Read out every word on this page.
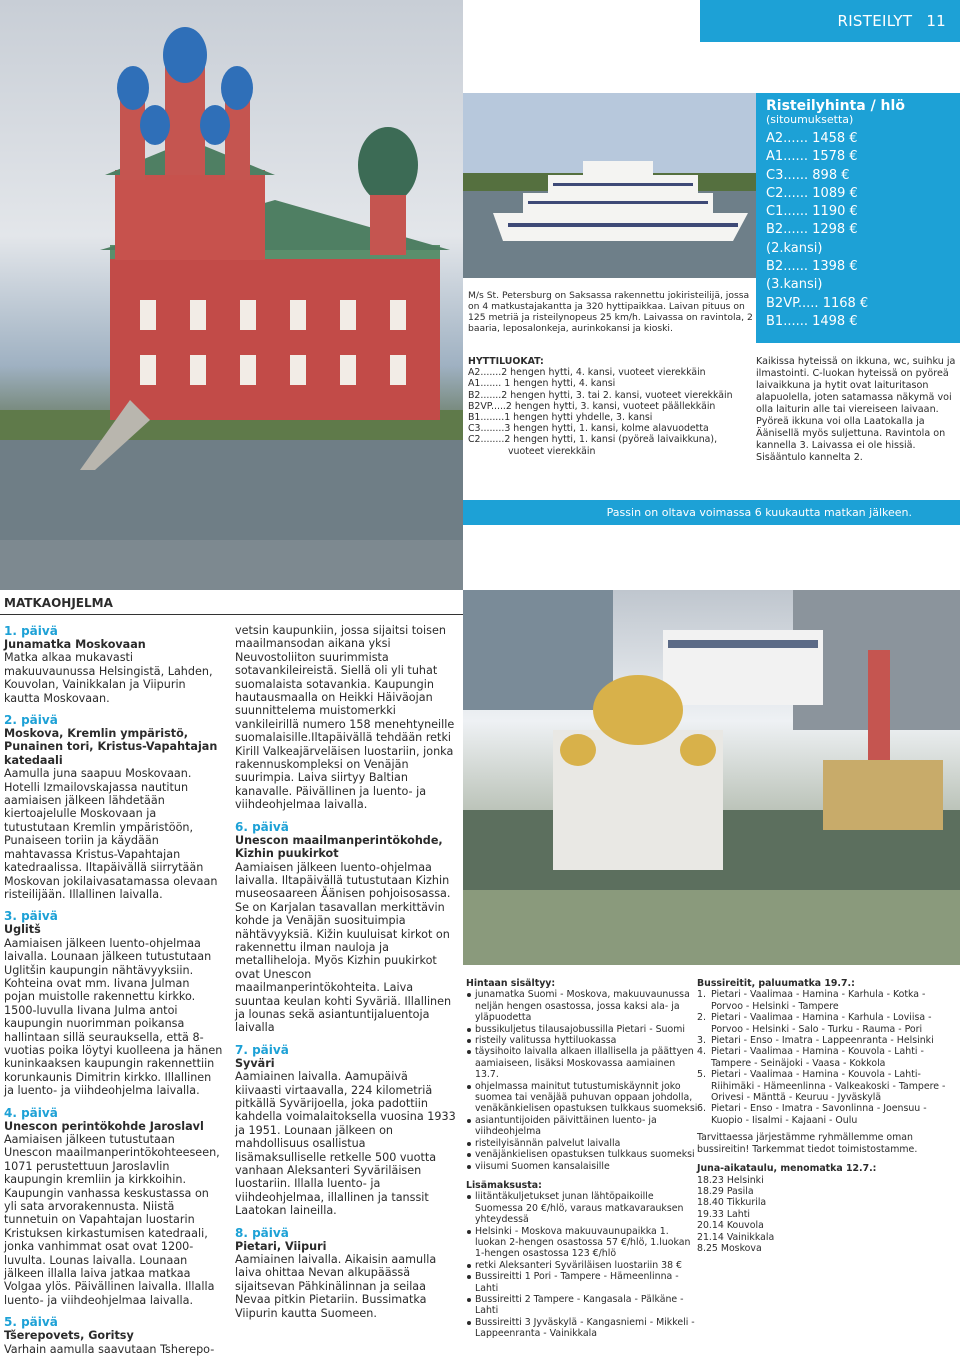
RISTEILYT 11
Risteilyhinta / hlö
(sitoumuksetta)
A2...... 1458 €
A1...... 1578 €
C3...... 898 €
C2...... 1089 €
C1...... 1190 €
B2...... 1298 €
(2.kansi)
B2...... 1398 €
(3.kansi)
B2VP..... 1168 €
B1...... 1498 €
M/s St. Petersburg on Saksassa rakennettu jokiristeilijä, jossa on 4 matkustajakantta ja 320 hyttipaikkaa. Laivan pituus on 125 metriä ja risteilynopeus 25 km/h. Laivassa on ravintola, 2 baaria, leposalonkeja, aurinkokansi ja kioski.
HYTTILUOKAT:
A2.......2 hengen hytti, 4. kansi, vuoteet vierekkäin
A1....... 1 hengen hytti, 4. kansi
B2.......2 hengen hytti, 3. tai 2. kansi, vuoteet vierekkäin
B2VP.....2 hengen hytti, 3. kansi, vuoteet päällekkäin
B1........1 hengen hytti yhdelle, 3. kansi
C3........3 hengen hytti, 1. kansi, kolme alavuodetta
C2........2 hengen hytti, 1. kansi (pyöreä laivaikkuna),
vuoteet vierekkäin
Kaikissa hyteissä on ikkuna, wc, suihku ja ilmastointi. C-luokan hyteissä on pyöreä laivaikkuna ja hytit ovat laituritason alapuolella, joten satamassa näkymä voi olla laiturin alle tai viereiseen laivaan. Pyöreä ikkuna voi olla Laatokalla ja Äänisellä myös suljettuna. Ravintola on kannella 3. Laivassa ei ole hissiä. Sisääntulo kannelta 2.
Passin on oltava voimassa 6 kuukautta matkan jälkeen.
MATKAOHJELMA
1. päivä
Junamatka Moskovaan
Matka alkaa mukavasti makuuvaunussa Helsingistä, Lahden, Kouvolan, Vainikkalan ja Viipurin kautta Moskovaan.
2. päivä
Moskova, Kremlin ympäristö, Punainen tori, Kristus-Vapahtajan katedaali
Aamulla juna saapuu Moskovaan. Hotelli Izmailovskajassa nautitun aamiaisen jälkeen lähdetään kiertoajelulle Moskovaan ja tutustutaan Kremlin ympäristöön, Punaiseen toriin ja käydään mahtavassa Kristus-Vapahtajan katedraalissa. Iltapäivällä siirrytään Moskovan jokilaivasatamassa olevaan risteilijään. Illallinen laivalla.
3. päivä
Uglitš
Aamiaisen jälkeen luento-ohjelmaa laivalla. Lounaan jälkeen tutustutaan Uglitšin kaupungin nähtävyyksiin. Kohteina ovat mm. Iivana Julman pojan muistolle rakennettu kirkko. 1500-luvulla Iivana Julma antoi kaupungin nuorimman poikansa hallintaan sillä seurauksella, että 8-vuotias poika löytyi kuolleena ja hänen kuninkaaksen kaupungin rakennettiin korunkaunis Dimitrin kirkko. Illallinen ja luento- ja viihdeohjelma laivalla.
4. päivä
Unescon perintökohde Jaroslavl
Aamiaisen jälkeen tutustutaan Unescon maailmanperintökohteeseen, 1071 perustettuun Jaroslavlin kaupungin kremliin ja kirkkoihin. Kaupungin vanhassa keskustassa on yli sata arvorakennusta. Niistä tunnetuin on Vapahtajan luostarin Kristuksen kirkastumisen katedraali, jonka vanhimmat osat ovat 1200-luvulta. Lounas laivalla. Lounaan jälkeen illalla laiva jatkaa matkaa Volgaa ylös. Päivällinen laivalla. Illalla luento- ja viihdeohjelmaa laivalla.
5. päivä
Tšerepovets, Goritsy
Varhain aamulla saavutaan Tsherepo-
vetsin kaupunkiin, jossa sijaitsi toisen maailmansodan aikana yksi Neuvostoliiton suurimmista sotavankileireistä. Siellä oli yli tuhat suomalaista sotavankia. Kaupungin hautausmaalla on Heikki Häiväojan suunnittelema muistomerkki vankileirillä numero 158 menehtyneille suomalaisille.Iltapäivällä tehdään retki Kirill Valkeajärveläisen luostariin, jonka rakennuskompleksi on Venäjän suurimpia. Laiva siirtyy Baltian kanavalle. Päivällinen ja luento- ja viihdeohjelmaa laivalla.
6. päivä
Unescon maailmanperintökohde, Kizhin puukirkot
Aamiaisen jälkeen luento-ohjelmaa laivalla. Iltapäivällä tutustutaan Kizhin museosaareen Äänisen pohjoisosassa. Se on Karjalan tasavallan merkittävin kohde ja Venäjän suosituimpia nähtävyyksiä. Kižin kuuluisat kirkot on rakennettu ilman nauloja ja metalliheloja. Myös Kizhin puukirkot ovat Unescon maailmanperintökohteita. Laiva suuntaa keulan kohti Syväriä. Illallinen ja lounas sekä asiantuntijaluentoja laivalla
7. päivä
Syväri
Aamiainen laivalla. Aamupäivä kiivaasti virtaavalla, 224 kilometriä pitkällä Syvärijoella, joka padottiin kahdella voimalaitoksella vuosina 1933 ja 1951. Lounaan jälkeen on mahdollisuus osallistua lisämaksulliselle retkelle 500 vuotta vanhaan Aleksanteri Syväriläisen luostariin. Illalla luento- ja viihdeohjelmaa, illallinen ja tanssit Laatokan laineilla.
8. päivä
Pietari, Viipuri
Aamiainen laivalla. Aikaisin aamulla laiva ohittaa Nevan alkupäässä sijaitsevan Pähkinälinnan ja seilaa Nevaa pitkin Pietariin. Bussimatka Viipurin kautta Suomeen.
Hintaan sisältyy:
junamatka Suomi - Moskova, makuuvaunussa neljän hengen osastossa, jossa kaksi ala- ja yläpuodetta
bussikuljetus tilausajobussilla Pietari - Suomi
risteily valitussa hyttiluokassa
täysihoito laivalla alkaen illallisella ja päättyen aamiaiseen, lisäksi Moskovassa aamiainen 13.7.
ohjelmassa mainitut tutustumiskäynnit joko suomea tai venäjää puhuvan oppaan johdolla, venäkänkielisen opastuksen tulkkaus suomeksi
asiantuntijoiden päivittäinen luento- ja viihdeohjelma
risteilyisännän palvelut laivalla
venäjänkielisen opastuksen tulkkaus suomeksi
viisumi Suomen kansalaisille
Lisämaksusta:
liitäntäkuljetukset junan lähtöpaikoille Suomessa 20 €/hlö, varaus matkavarauksen yhteydessä
Helsinki - Moskova makuuvaunupaikka 1. luokan 2-hengen osastossa 57 €/hlö, 1.luokan 1-hengen osastossa 123 €/hlö
retki Aleksanteri Syväriläisen luostariin 38 €
Bussireitti 1 Pori - Tampere - Hämeenlinna - Lahti
Bussireitti 2 Tampere - Kangasala - Pälkäne - Lahti
Bussireitti 3 Jyväskylä - Kangasniemi - Mikkeli - Lappeenranta - Vainikkala
Bussireitit, paluumatka 19.7.:
1. Pietari - Vaalimaa - Hamina - Karhula - Kotka - Porvoo - Helsinki - Tampere
2. Pietari - Vaalimaa - Hamina - Karhula - Loviisa - Porvoo - Helsinki - Salo - Turku - Rauma - Pori
3. Pietari - Enso - Imatra - Lappeenranta - Helsinki
4. Pietari - Vaalimaa - Hamina - Kouvola - Lahti - Tampere - Seinäjoki - Vaasa - Kokkola
5. Pietari - Vaalimaa - Hamina - Kouvola - Lahti- Riihimäki - Hämeenlinna - Valkeakoski - Tampere - Orivesi - Mänttä - Keuruu - Jyväskylä
6. Pietari - Enso - Imatra - Savonlinna - Joensuu - Kuopio - Iisalmi - Kajaani - Oulu
Tarvittaessa järjestämme ryhmällemme oman bussireitin! Tarkemmat tiedot toimistostamme.
Juna-aikataulu, menomatka 12.7.:
18.23 Helsinki
18.29 Pasila
18.40 Tikkurila
19.33 Lahti
20.14 Kouvola
21.14 Vainikkala
8.25 Moskova
